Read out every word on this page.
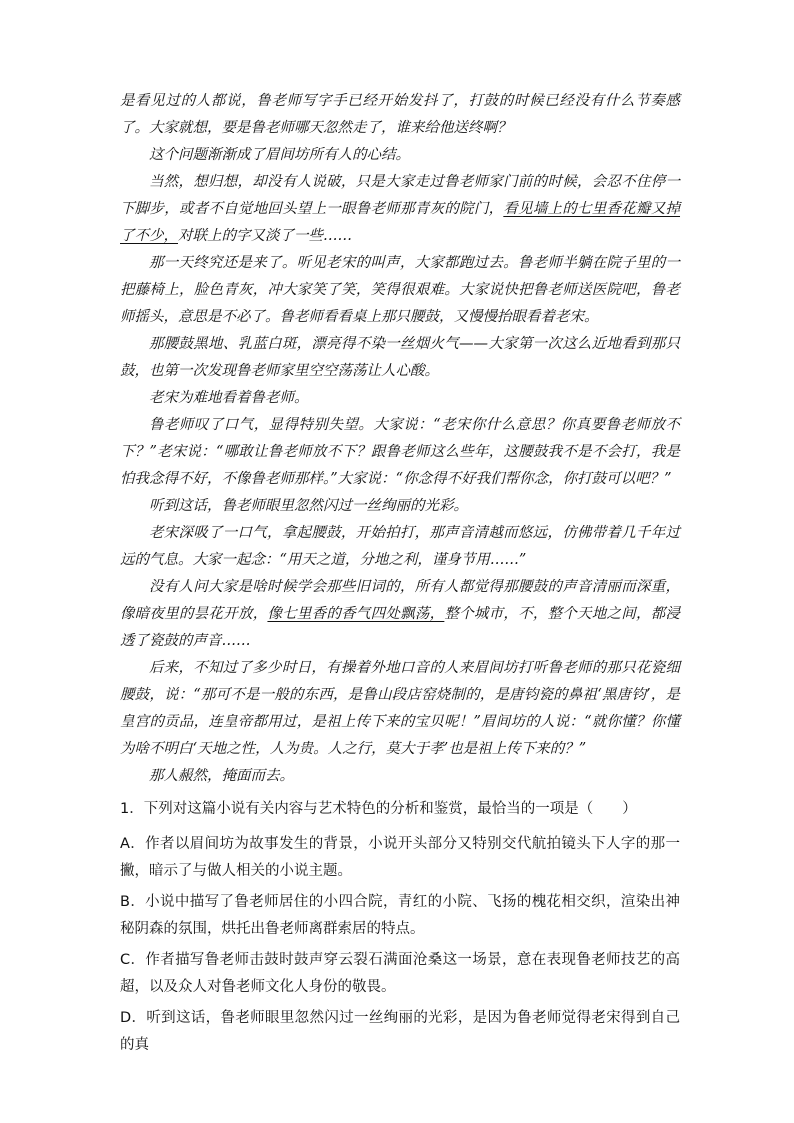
是看见过的人都说，鲁老师写字手已经开始发抖了，打鼓的时候已经没有什么节奏感了。大家就想，要是鲁老师哪天忽然走了，谁来给他送终啊？

这个问题渐渐成了眉间坊所有人的心结。

当然，想归想，却没有人说破，只是大家走过鲁老师家门前的时候，会忍不住停一下脚步，或者不自觉地回头望上一眼鲁老师那青灰的院门，看见墙上的七里香花瓣又掉了不少，对联上的字又淡了一些……

那一天终究还是来了。听见老宋的叫声，大家都跑过去。鲁老师半躺在院子里的一把藤椅上，脸色青灰，冲大家笑了笑，笑得很艰难。大家说快把鲁老师送医院吧，鲁老师摇头，意思是不必了。鲁老师看看桌上那只腰鼓，又慢慢抬眼看着老宋。

那腰鼓黑地、乳蓝白斑，漂亮得不染一丝烟火气——大家第一次这么近地看到那只鼓，也第一次发现鲁老师家里空空荡荡让人心酸。

老宋为难地看着鲁老师。

鲁老师叹了口气，显得特别失望。大家说：“老宋你什么意思？你真要鲁老师放不下？”老宋说：“哪敢让鲁老师放不下？跟鲁老师这么些年，这腰鼓我不是不会打，我是怕我念得不好，不像鲁老师那样。”大家说：“你念得不好我们帮你念，你打鼓可以吧？”

听到这话，鲁老师眼里忽然闪过一丝绚丽的光彩。

老宋深吸了一口气，拿起腰鼓，开始拍打，那声音清越而悠远，仿佛带着几千年过远的气息。大家一起念：“用天之道，分地之利，谨身节用……”

没有人问大家是啥时候学会那些旧词的，所有人都觉得那腰鼓的声音清丽而深重，像暗夜里的昙花开放，像七里香的香气四处飘荡，整个城市，不，整个天地之间，都浸透了瓷鼓的声音……

后来，不知过了多少时日，有操着外地口音的人来眉间坊打听鲁老师的那只花瓷细腰鼓，说：“那可不是一般的东西，是鲁山段店窑烧制的，是唐钧瓷的鼻祖‘黑唐钧’，是皇宫的贡品，连皇帝都用过，是祖上传下来的宝贝呢！”眉间坊的人说：“就你懂？你懂为啥不明白‘天地之性，人为贵。人之行，莫大于孝’也是祖上传下来的？”

那人赧然，掩面而去。

1．下列对这篇小说有关内容与艺术特色的分析和鉴赏，最恰当的一项是（　　）

A．作者以眉间坊为故事发生的背景，小说开头部分又特别交代航拍镜头下人字的那一撇，暗示了与做人相关的小说主题。

B．小说中描写了鲁老师居住的小四合院，青红的小院、飞扬的槐花相交织，渲染出神秘阴森的氛围，烘托出鲁老师离群索居的特点。

C．作者描写鲁老师击鼓时鼓声穿云裂石满面沧桑这一场景，意在表现鲁老师技艺的高超，以及众人对鲁老师文化人身份的敬畏。

D．听到这话，鲁老师眼里忽然闪过一丝绚丽的光彩，是因为鲁老师觉得老宋得到自己的真
